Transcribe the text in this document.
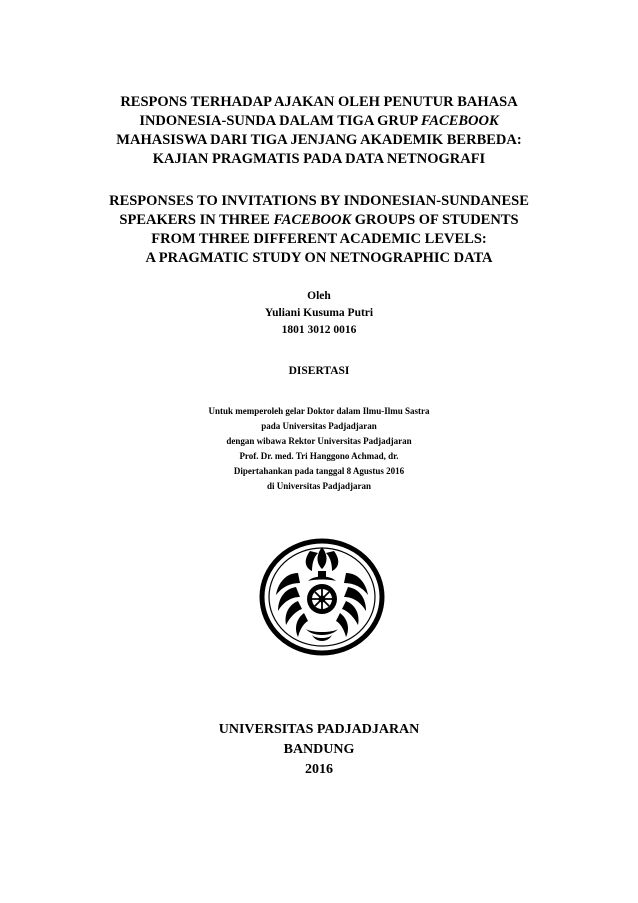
RESPONS TERHADAP AJAKAN OLEH PENUTUR BAHASA
INDONESIA-SUNDA DALAM TIGA GRUP FACEBOOK
MAHASISWA DARI TIGA JENJANG AKADEMIK BERBEDA:
KAJIAN PRAGMATIS PADA DATA NETNOGRAFI
RESPONSES TO INVITATIONS BY INDONESIAN-SUNDANESE
SPEAKERS IN THREE FACEBOOK GROUPS OF STUDENTS
FROM THREE DIFFERENT ACADEMIC LEVELS:
A PRAGMATIC STUDY ON NETNOGRAPHIC DATA
Oleh
Yuliani Kusuma Putri
1801 3012 0016
DISERTASI
Untuk memperoleh gelar Doktor dalam Ilmu-Ilmu Sastra
pada Universitas Padjadjaran
dengan wibawa Rektor Universitas Padjadjaran
Prof. Dr. med. Tri Hanggono Achmad, dr.
Dipertahankan pada tanggal 8 Agustus 2016
di Universitas Padjadjaran
UNIVERSITAS PADJADJARAN
BANDUNG
2016
